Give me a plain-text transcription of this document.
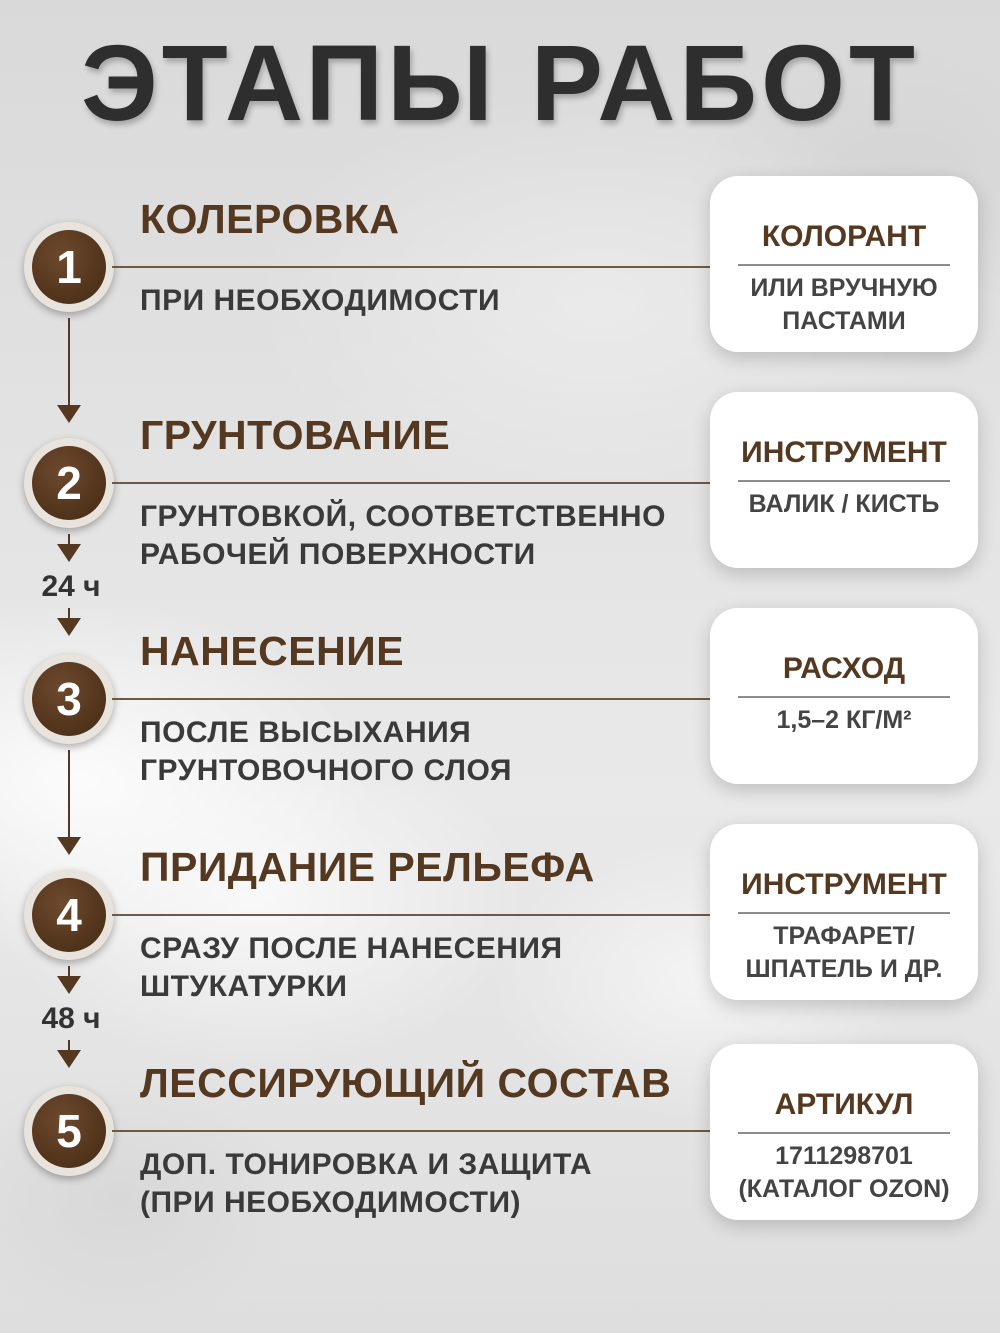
ЭТАПЫ РАБОТ
1
КОЛЕРОВКА
ПРИ НЕОБХОДИМОСТИ
КОЛОРАНТ
ИЛИ ВРУЧНУЮ
ПАСТАМИ
2
ГРУНТОВАНИЕ
ГРУНТОВКОЙ, СООТВЕТСТВЕННО
РАБОЧЕЙ ПОВЕРХНОСТИ
ИНСТРУМЕНТ
ВАЛИК / КИСТЬ
3
НАНЕСЕНИЕ
ПОСЛЕ ВЫСЫХАНИЯ
ГРУНТОВОЧНОГО СЛОЯ
РАСХОД
1,5–2 КГ/М²
4
ПРИДАНИЕ РЕЛЬЕФА
СРАЗУ ПОСЛЕ НАНЕСЕНИЯ
ШТУКАТУРКИ
ИНСТРУМЕНТ
ТРАФАРЕТ/
ШПАТЕЛЬ И ДР.
5
ЛЕССИРУЮЩИЙ СОСТАВ
ДОП. ТОНИРОВКА И ЗАЩИТА
(ПРИ НЕОБХОДИМОСТИ)
АРТИКУЛ
1711298701
(КАТАЛОГ OZON)
24 ч
48 ч
